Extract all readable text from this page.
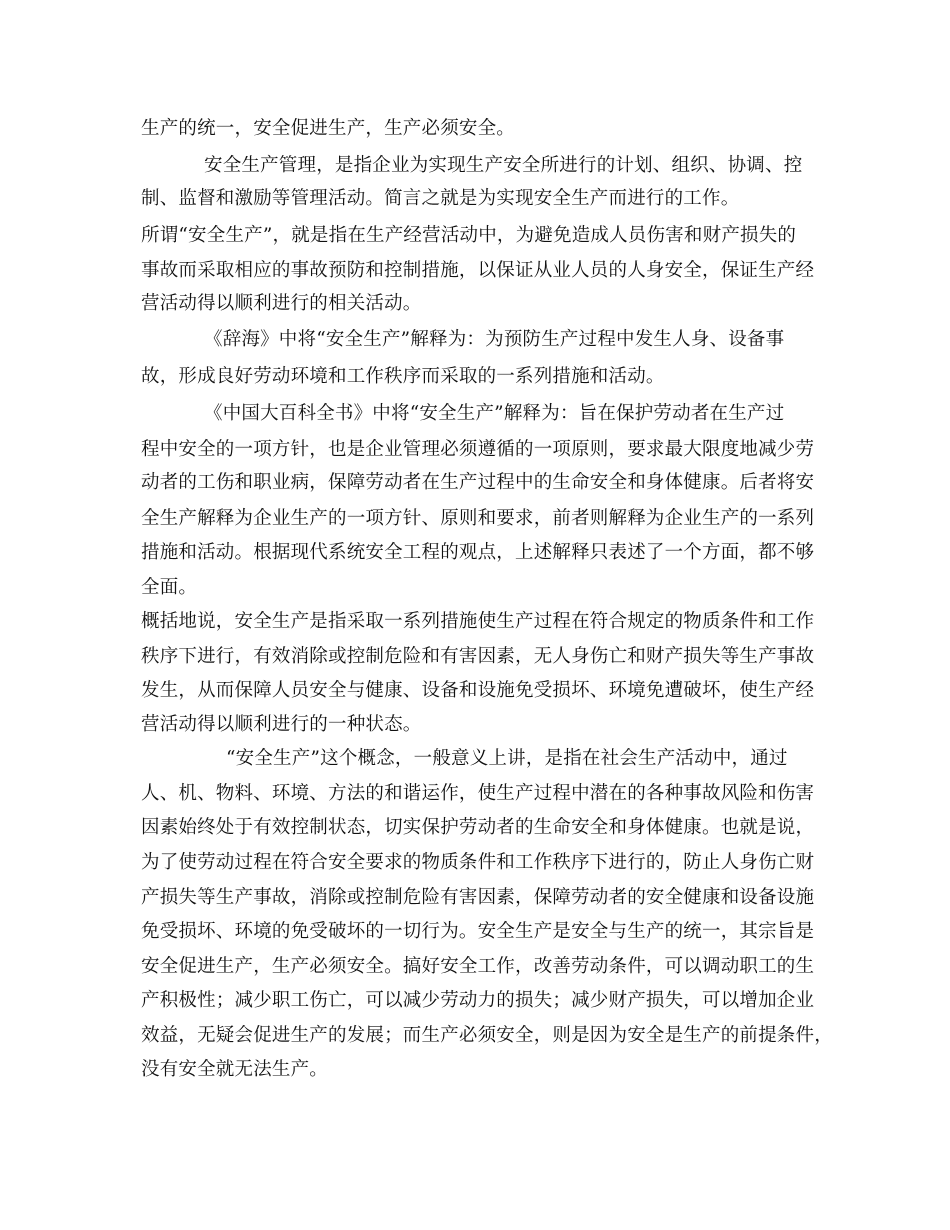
生产的统一，安全促进生产，生产必须安全。
安全生产管理，是指企业为实现生产安全所进行的计划、组织、协调、控
制、监督和激励等管理活动。简言之就是为实现安全生产而进行的工作。
所谓“安全生产”，就是指在生产经营活动中，为避免造成人员伤害和财产损失的
事故而采取相应的事故预防和控制措施，以保证从业人员的人身安全，保证生产经
营活动得以顺利进行的相关活动。
《辞海》中将“安全生产”解释为：为预防生产过程中发生人身、设备事
故，形成良好劳动环境和工作秩序而采取的一系列措施和活动。
《中国大百科全书》中将“安全生产”解释为：旨在保护劳动者在生产过
程中安全的一项方针，也是企业管理必须遵循的一项原则，要求最大限度地减少劳
动者的工伤和职业病，保障劳动者在生产过程中的生命安全和身体健康。后者将安
全生产解释为企业生产的一项方针、原则和要求，前者则解释为企业生产的一系列
措施和活动。根据现代系统安全工程的观点，上述解释只表述了一个方面，都不够
全面。
概括地说，安全生产是指采取一系列措施使生产过程在符合规定的物质条件和工作
秩序下进行，有效消除或控制危险和有害因素，无人身伤亡和财产损失等生产事故
发生，从而保障人员安全与健康、设备和设施免受损坏、环境免遭破坏，使生产经
营活动得以顺利进行的一种状态。
“安全生产”这个概念，一般意义上讲，是指在社会生产活动中，通过
人、机、物料、环境、方法的和谐运作，使生产过程中潜在的各种事故风险和伤害
因素始终处于有效控制状态，切实保护劳动者的生命安全和身体健康。也就是说，
为了使劳动过程在符合安全要求的物质条件和工作秩序下进行的，防止人身伤亡财
产损失等生产事故，消除或控制危险有害因素，保障劳动者的安全健康和设备设施
免受损坏、环境的免受破坏的一切行为。安全生产是安全与生产的统一，其宗旨是
安全促进生产，生产必须安全。搞好安全工作，改善劳动条件，可以调动职工的生
产积极性；减少职工伤亡，可以减少劳动力的损失；减少财产损失，可以增加企业
效益，无疑会促进生产的发展；而生产必须安全，则是因为安全是生产的前提条件，
没有安全就无法生产。
